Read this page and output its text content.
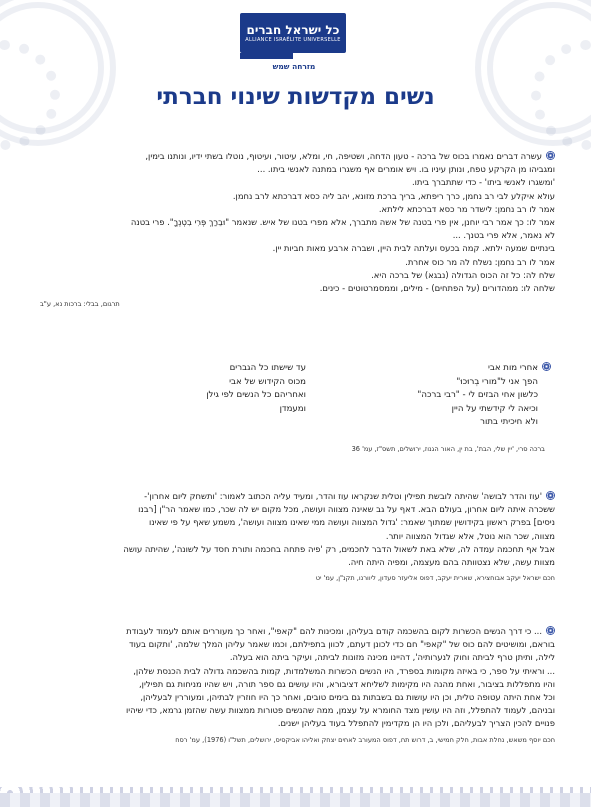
כל ישראל חברים
ALLIANCE ISRAÉLITE UNIVERSELLE
מזרחה שמש
נשים מקדשות שינוי חברתי

עשרה דברים נאמרו בכוס של ברכה - טעון הדחה, ושטיפה, חי, ומלא, עיטור, ועיטוף, נוטלו בשתי ידיו, ונותנו בימין,

ומגביהו מן הקרקע טפח, ונותן עיניו בו. ויש אומרים אף משגרו במתנה לאנשי ביתו. ...

'ומשגרו לאנשי ביתו' - כדי שתתברך ביתו.

עולא איקלע לבי רב נחמן, כרך ריפתא, בריך ברכת מזונא, יהב ליה כסא דברכתא לרב נחמן.

אמר לו רב נחמן: לישדר מר כסא דברכתא לילתא.

אמר לו: כך אמר רבי יוחנן, אין פרי בטנה של אשה מתברך, אלא מפרי בטנו של איש. שנאמר "וּבֵרַךְ פְּרִי בִטְנְךָ". פרי בטנה

לא נאמר, אלא פרי בטנך. ...

בינתיים שמעה ילתא. קמה בכעס ועלתה לבית היין, ושברה ארבע מאות חביות יין.

אמר לו רב נחמן: נשלח לה מר כוס אחרת.

שלח לה: כל זה הכוס הגדולה (נבגא) של ברכה היא.

שלחה לו: ממהדורים (על הפתחים) - מילים, וממסמרטוטים - כינים.

תרגום, בבלי: ברכות נא, ע"ב
אחרי מות אבי
הפך אני ל"מורי בְרוּכוּ"
כלשון אחי הבזים לי - "רבי ברכה"
וכיאה לי קידשתי על היין
ולא חיכיתי בתור
עד שישתו כל הגברים
מכוס הקידוש של אבי
ואחריהם כל הנשים לפי גילן
ומעמדן
ברכה סרי, 'יין שלי, הבת', בת ין, האור הגנוז, ירושלים, תשס"ז, עמ' 36

'עוז והדר לבושה' שהיתה לובשת תפילין וטלית שנקראו עוז והדר, ומעיד עליה הכתוב לאמור: 'ותשחק ליום אחרון'-

ששכרה איתה ליום אחרון, בעולם הבא. דאף על גב שאינה מצווה ועושה, מכל מקום יש לה שכר, כמו שאמר הר"ן [רבנו

ניסים] בפרק ראשון בקידושין שמתוך שאמר: 'גדול המצווה ועושה ממי שאינו מצווה ועושה', משמע שאף על פי שאינו

מצווה, שכר הוא נוטל, אלא שגדול המצווה יותר.

אבל אף תחכמה עמדה לה, שלא באת לשאול הדבר לחכמים, רק 'פיה פתחה בחכמה ותורת חסד על לשונה', שהיתה עושה

מצוות עשה, שלא נצטוותה בהם מעצמה, ומפיה היתה חיה.

חכם ישראל יעקב אבוחצירא, שארית יעקב, דפוס אליעזר סעדון, ליוורנו, תקנ"ן, עמ' יט

... כי דרך הנשים הכשרות לקום בהשכמה קודם בעליהן, ומכינות להם "קאפי", ואחר כך מעוררים אותם לעמוד לעבודת

בוראם, ומושיטים להם כוס של "קאפי" חם כדי לכונן דעתם, לכוון בתפילתם, וכמו שאמר עליהן המלך שלמה, 'ותקום בעוד

לילה, ותיתן טרף לביתה וחוק לנערותיה', דהיינו מכינה מזונות לביתה, ועיקר ביתה הוא בעלה.

... וראיתי על ספר, כי באיזה מקומות בספרד, היו הנשים הכשרות המשלמדות, קמות בהשכמה גדולה לבית הכנסת שלהן,

והיו מתפללות בציבור, ואחת מהנה היו מקימות לשליחא דציבורא, והיו עושים גם ספר תורה, ויש שהיו מניחות גם תפילין,

וכל אחת היתה עטופה טלית, וכן היו עושות גם בשבתות גם בימים טובים, ואחר כך היו חוזרין לבתיהן, ומעוררין לבעליהן,

ובניהם, לעמוד להתפלל, וזה היו עושין מצד החומרא על עצמן, ממה שהנשים פטורות ממצוות עשה שהזמן גרמא, כדי שיהיו

פנויים להכין הצריך לבעליהם, ולכן היו הן מקדימין להתפלל בעוד בעליהן ישנים.

חכם יוסף משאש, נחלת אבות, חלק חמישי, ב, דרוש תח, דפוס המעורב לאחים יצחק ואליהו אביקסיס, ירושלים, תשל"ו (1976), עמ' רסח
